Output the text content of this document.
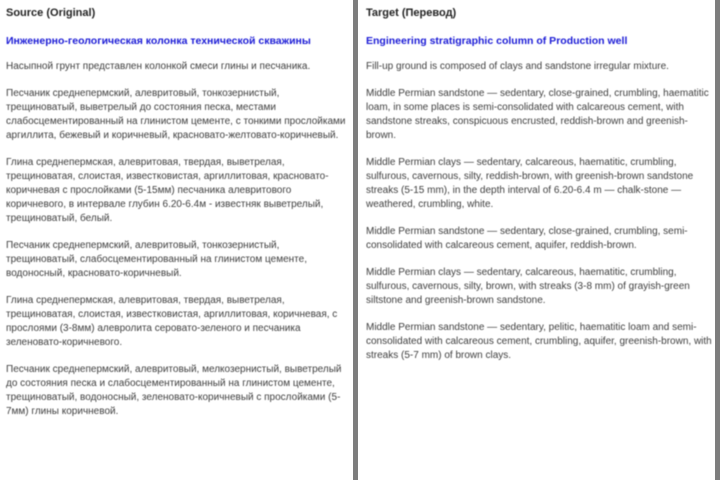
Source (Original)
Инженерно-геологическая колонка технической скважины
Насыпной грунт представлен колонкой смеси глины и песчаника.
Песчаник среднепермский, алевритовый, тонкозернистый, трещиноватый, выветрелый до состояния песка, местами слабосцементированный на глинистом цементе, с тонкими прослойками аргиллита, бежевый и коричневый, красновато-желтовато-коричневый.
Глина среднепермская, алевритовая, твердая, выветрелая, трещиноватая, слоистая, известковистая, аргиллитовая, красновато-коричневая с прослойками (5-15мм) песчаника алевритового коричневого, в интервале глубин 6.20-6.4м - известняк выветрелый, трещиноватый, белый.
Песчаник среднепермский, алевритовый, тонкозернистый, трещиноватый, слабосцементированный на глинистом цементе, водоносный, красновато-коричневый.
Глина среднепермская, алевритовая, твердая, выветрелая, трещиноватая, слоистая, известковистая, аргиллитовая, коричневая, с прослоями (3-8мм) алевролита серовато-зеленого и песчаника зеленовато-коричневого.
Песчаник среднепермский, алевритовый, мелкозернистый, выветрелый до состояния песка и слабосцементированный на глинистом цементе, трещиноватый, водоносный, зеленовато-коричневый с прослойками (5-7мм) глины коричневой.
Target (Перевод)
Engineering stratigraphic column of Production well
Fill-up ground is composed of clays and sandstone irregular mixture.
Middle Permian sandstone — sedentary, close-grained, crumbling, haematitic loam, in some places is semi-consolidated with calcareous cement, with sandstone streaks, conspicuous encrusted, reddish-brown and greenish-brown.
Middle Permian clays — sedentary, calcareous, haematitic, crumbling, sulfurous, cavernous, silty, reddish-brown, with greenish-brown sandstone streaks (5-15 mm), in the depth interval of 6.20-6.4 m — chalk-stone — weathered, crumbling, white.
Middle Permian sandstone — sedentary, close-grained, crumbling, semi-consolidated with calcareous cement, aquifer, reddish-brown.
Middle Permian clays — sedentary, calcareous, haematitic, crumbling, sulfurous, cavernous, silty, brown, with streaks (3-8 mm) of grayish-green siltstone and greenish-brown sandstone.
Middle Permian sandstone — sedentary, pelitic, haematitic loam and semi-consolidated with calcareous cement, crumbling, aquifer, greenish-brown, with streaks (5-7 mm) of brown clays.
